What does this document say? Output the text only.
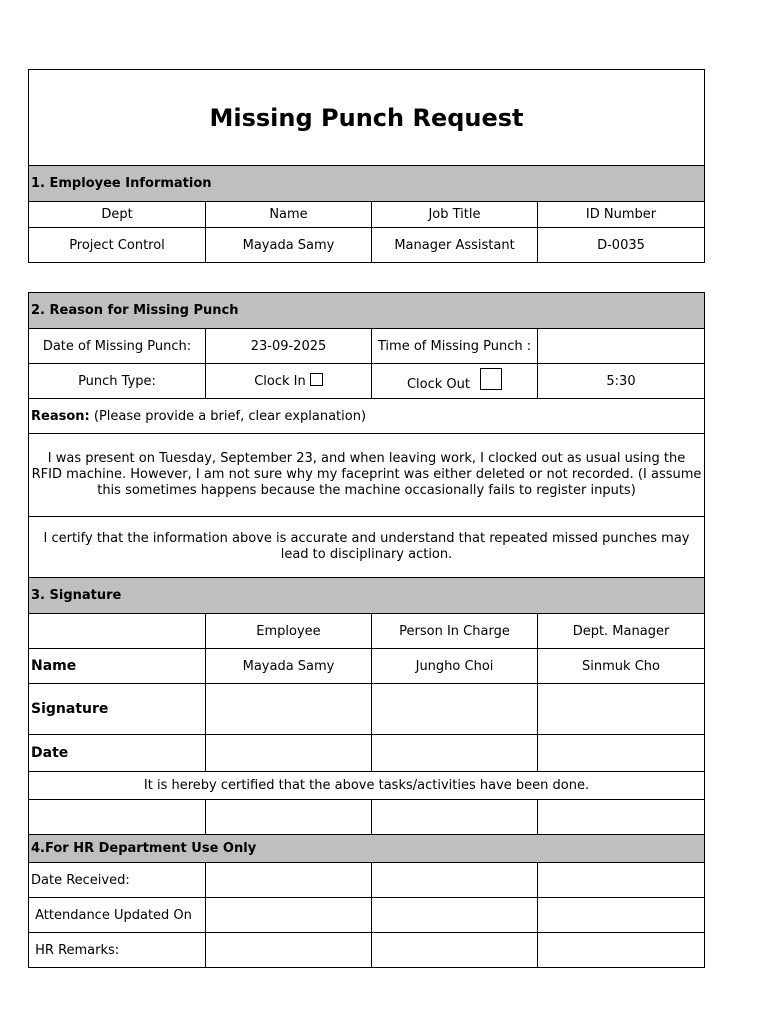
Missing Punch Request			
1. Employee Information			
Dept	Name	Job Title	ID Number
Project Control	Mayada Samy	Manager Assistant	D-0035
2. Reason for Missing Punch			
Date of Missing Punch:	23-09-2025	Time of Missing Punch :	
Punch Type:	Clock In	Clock Out	5:30
Reason: (Please provide a brief, clear explanation)			
I was present on Tuesday, September 23, and when leaving work, I clocked out as usual using the RFID machine. However, I am not sure why my faceprint was either deleted or not recorded. (I assume this sometimes happens because the machine occasionally fails to register inputs)			
I certify that the information above is accurate and understand that repeated missed punches may lead to disciplinary action.			
3. Signature			
	Employee	Person In Charge	Dept. Manager
Name	Mayada Samy	Jungho Choi	Sinmuk Cho
Signature			
Date			
It is hereby certified that the above tasks/activities have been done.			

4.For HR Department Use Only			
Date Received:			
Attendance Updated On			
HR Remarks:			
